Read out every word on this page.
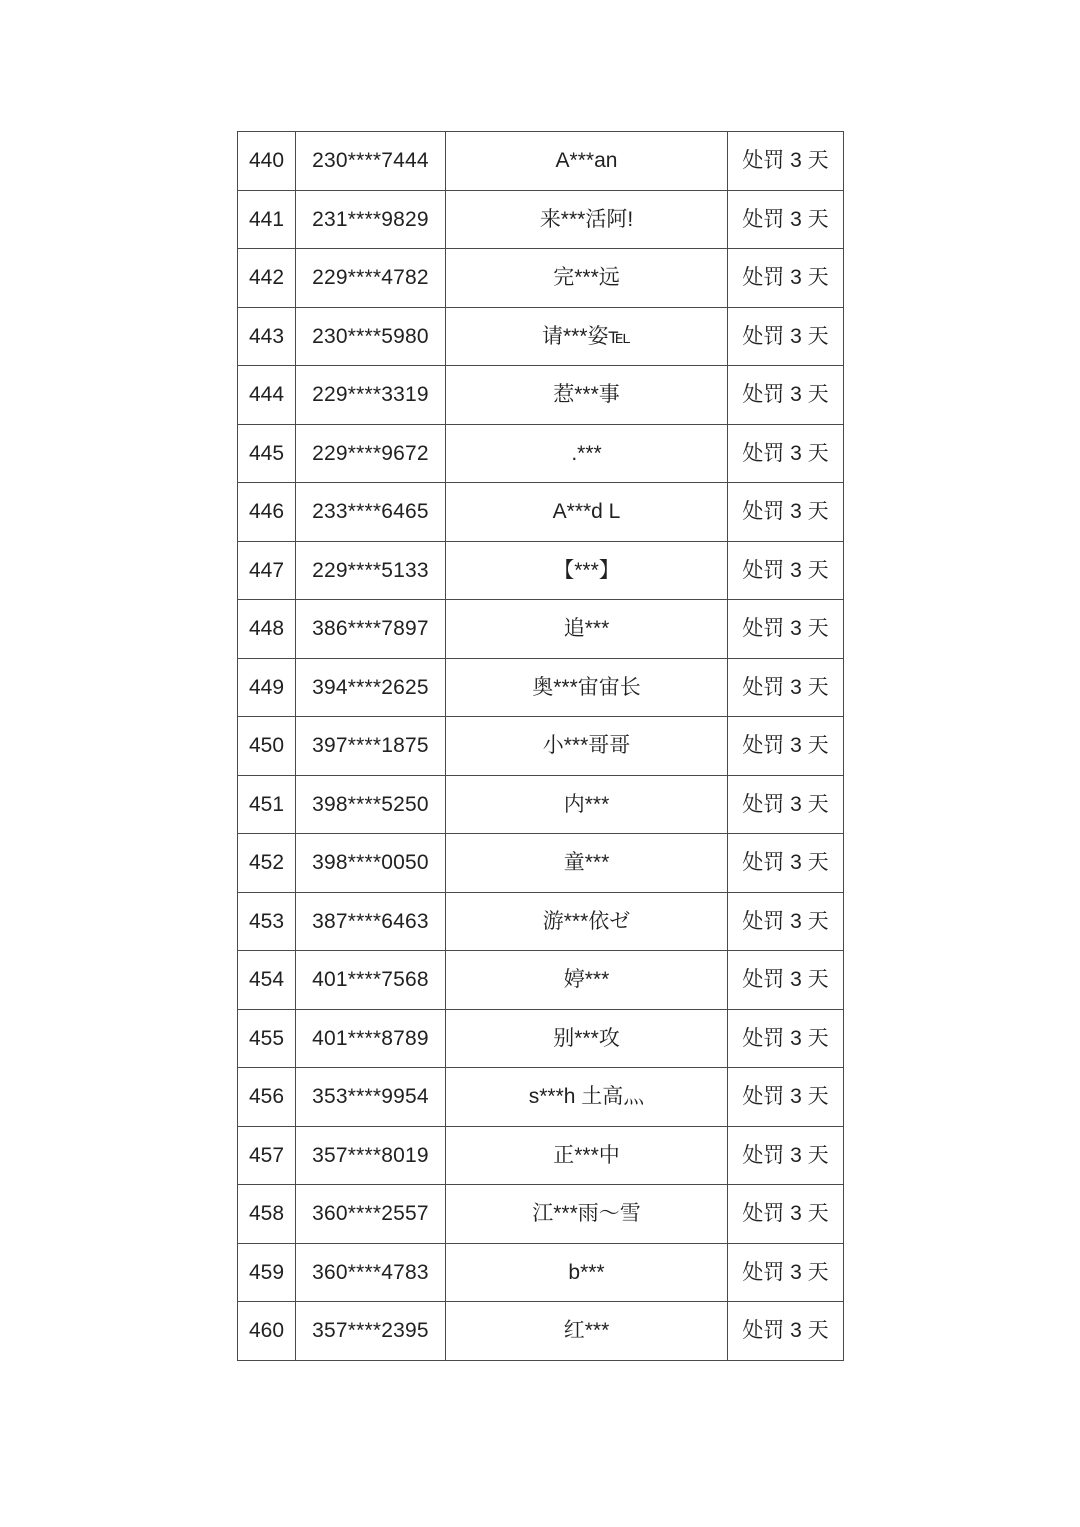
440	230****7444	A***an	处罚 3 天
441	231****9829	来***活阿!	处罚 3 天
442	229****4782	完***远	处罚 3 天
443	230****5980	请***姿℡	处罚 3 天
444	229****3319	惹***事	处罚 3 天
445	229****9672	.***	处罚 3 天
446	233****6465	A***d L	处罚 3 天
447	229****5133	【***】	处罚 3 天
448	386****7897	追***	处罚 3 天
449	394****2625	奥***宙宙长	处罚 3 天
450	397****1875	小***哥哥	处罚 3 天
451	398****5250	内***	处罚 3 天
452	398****0050	童***	处罚 3 天
453	387****6463	游***依ゼ	处罚 3 天
454	401****7568	婷***	处罚 3 天
455	401****8789	别***攻	处罚 3 天
456	353****9954	s***h 土高灬	处罚 3 天
457	357****8019	正***中	处罚 3 天
458	360****2557	江***雨～雪	处罚 3 天
459	360****4783	b***	处罚 3 天
460	357****2395	红***	处罚 3 天
